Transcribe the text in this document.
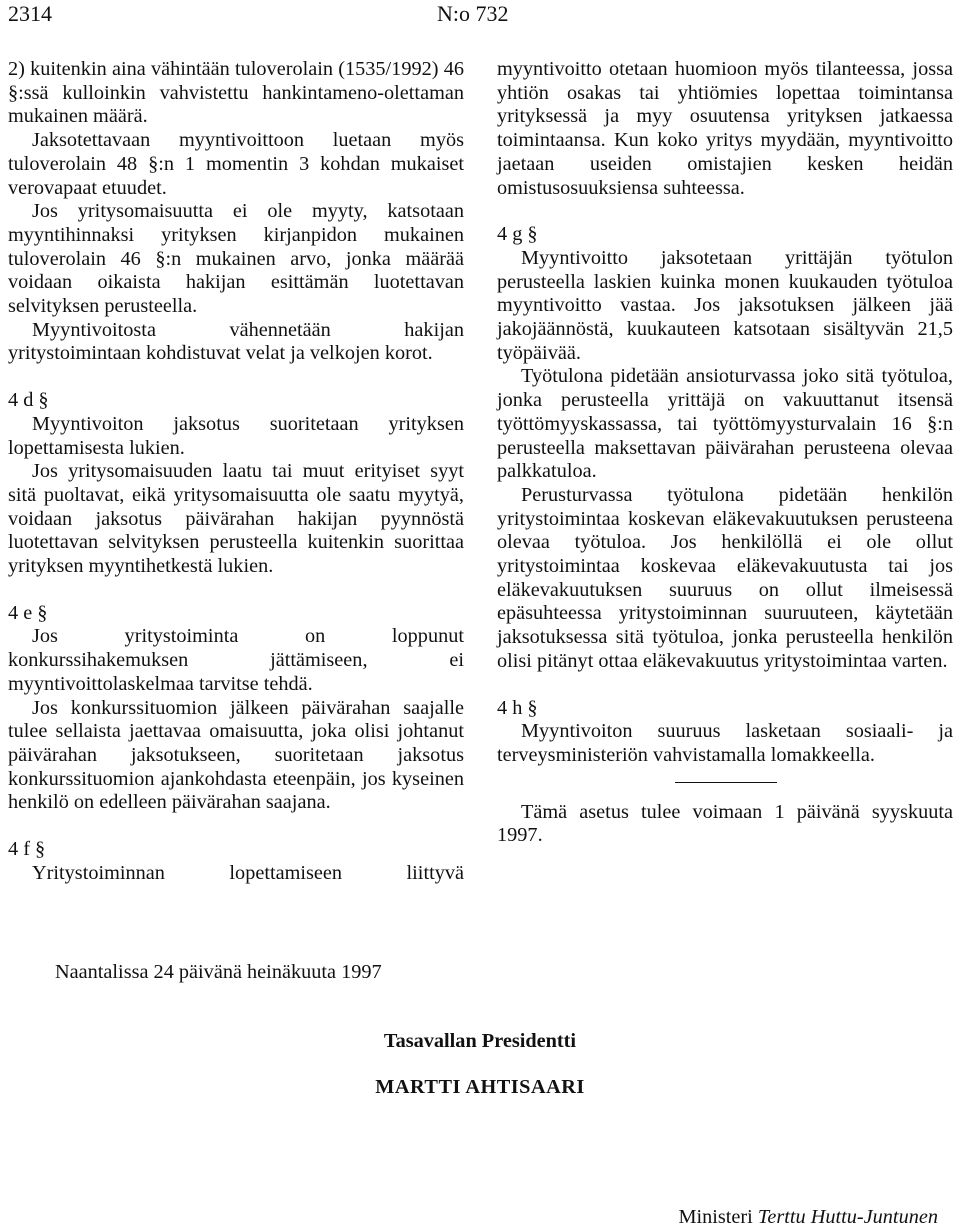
2314	N:o 732

2) kuitenkin aina vähintään tuloverolain (1535/1992) 46 §:ssä kulloinkin vahvistettu hankintameno-olettaman mukainen määrä.

Jaksotettavaan myyntivoittoon luetaan myös tuloverolain 48 §:n 1 momentin 3 kohdan mukaiset verovapaat etuudet.

Jos yritysomaisuutta ei ole myyty, katsotaan myyntihinnaksi yrityksen kirjanpidon mukainen tuloverolain 46 §:n mukainen arvo, jonka määrää voidaan oikaista hakijan esittämän luotettavan selvityksen perusteella.

Myyntivoitosta vähennetään hakijan yritystoimintaan kohdistuvat velat ja velkojen korot.

4 d §

Myyntivoiton jaksotus suoritetaan yrityksen lopettamisesta lukien.

Jos yritysomaisuuden laatu tai muut erityiset syyt sitä puoltavat, eikä yritysomaisuutta ole saatu myytyä, voidaan jaksotus päivärahan hakijan pyynnöstä luotettavan selvityksen perusteella kuitenkin suorittaa yrityksen myyntihetkestä lukien.

4 e §

Jos yritystoiminta on loppunut konkurssihakemuksen jättämiseen, ei myyntivoittolaskelmaa tarvitse tehdä.

Jos konkurssituomion jälkeen päivärahan saajalle tulee sellaista jaettavaa omaisuutta, joka olisi johtanut päivärahan jaksotukseen, suoritetaan jaksotus konkurssituomion ajankohdasta eteenpäin, jos kyseinen henkilö on edelleen päivärahan saajana.

4 f §

Yritystoiminnan lopettamiseen liittyvä

myyntivoitto otetaan huomioon myös tilanteessa, jossa yhtiön osakas tai yhtiömies lopettaa toimintansa yrityksessä ja myy osuutensa yrityksen jatkaessa toimintaansa. Kun koko yritys myydään, myyntivoitto jaetaan useiden omistajien kesken heidän omistusosuuksiensa suhteessa.

4 g §

Myyntivoitto jaksotetaan yrittäjän työtulon perusteella laskien kuinka monen kuukauden työtuloa myyntivoitto vastaa. Jos jaksotuksen jälkeen jää jakojäännöstä, kuukauteen katsotaan sisältyvän 21,5 työpäivää.

Työtulona pidetään ansioturvassa joko sitä työtuloa, jonka perusteella yrittäjä on vakuuttanut itsensä työttömyyskassassa, tai työttömyysturvalain 16 §:n perusteella maksettavan päivärahan perusteena olevaa palkkatuloa.

Perusturvassa työtulona pidetään henkilön yritystoimintaa koskevan eläkevakuutuksen perusteena olevaa työtuloa. Jos henkilöllä ei ole ollut yritystoimintaa koskevaa eläkevakuutusta tai jos eläkevakuutuksen suuruus on ollut ilmeisessä epäsuhteessa yritystoiminnan suuruuteen, käytetään jaksotuksessa sitä työtuloa, jonka perusteella henkilön olisi pitänyt ottaa eläkevakuutus yritystoimintaa varten.

4 h §

Myyntivoiton suuruus lasketaan sosiaali- ja terveysministeriön vahvistamalla lomakkeella.

Tämä asetus tulee voimaan 1 päivänä syyskuuta 1997.

Naantalissa 24 päivänä heinäkuuta 1997
Tasavallan Presidentti
MARTTI AHTISAARI
Ministeri Terttu Huttu-Juntunen
